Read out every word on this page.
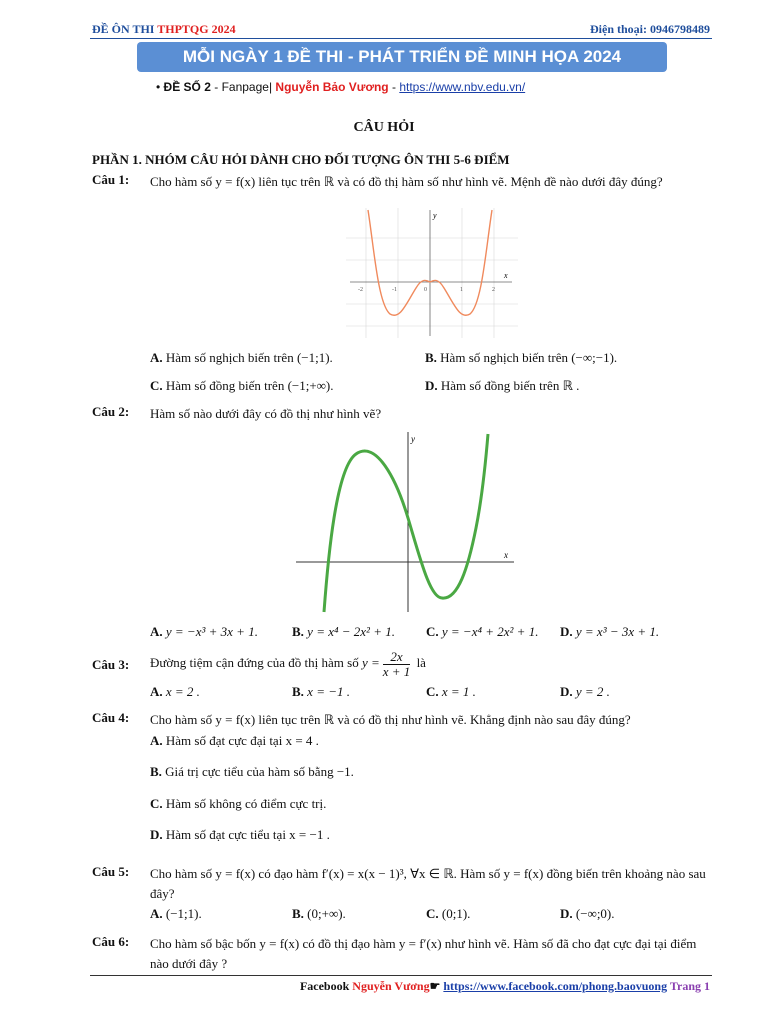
ĐỀ ÔN THI THPTQG 2024	Điện thoại: 0946798489
MỖI NGÀY 1 ĐỀ THI - PHÁT TRIỂN ĐỀ MINH HỌA 2024
• ĐỀ SỐ 2 - Fanpage| Nguyễn Bảo Vương - https://www.nbv.edu.vn/
CÂU HỎI
PHẦN 1. NHÓM CÂU HỎI DÀNH CHO ĐỐI TƯỢNG ÔN THI 5-6 ĐIỂM
Câu 1: Cho hàm số y = f(x) liên tục trên ℝ và có đồ thị hàm số như hình vẽ. Mệnh đề nào dưới đây đúng?
x
y
-2	-1	0	1	2
A. Hàm số nghịch biến trên (−1;1).	B. Hàm số nghịch biến trên (−∞;−1).
C. Hàm số đồng biến trên (−1;+∞).	D. Hàm số đồng biến trên ℝ .
Câu 2: Hàm số nào dưới đây có đồ thị như hình vẽ?
x
y
A. y = −x³ + 3x + 1.	B. y = x⁴ − 2x² + 1. C. y = −x⁴ + 2x² + 1. D. y = x³ − 3x + 1.
Câu 3: Đường tiệm cận đứng của đồ thị hàm số $y = \frac{2x}{x + 1}$ là
A. x = 2 .	B. x = −1 .	C. x = 1 .	D. y = 2 .
Câu 4: Cho hàm số y = f(x) liên tục trên ℝ và có đồ thị như hình vẽ. Khẳng định nào sau đây đúng?
A. Hàm số đạt cực đại tại x = 4 .
B. Giá trị cực tiểu của hàm số bằng −1.
C. Hàm số không có điểm cực trị.
D. Hàm số đạt cực tiểu tại x = −1 .
Câu 5: Cho hàm số y = f(x) có đạo hàm f′(x) = x(x − 1)³, ∀x ∈ ℝ. Hàm số y = f(x) đồng biến trên khoảng nào sau đây?
A. (−1;1).	B. (0;+∞).	C. (0;1).	D. (−∞;0).
Câu 6: Cho hàm số bậc bốn y = f(x) có đồ thị đạo hàm y = f′(x) như hình vẽ. Hàm số đã cho đạt cực đại tại điểm nào dưới đây ?
Facebook Nguyễn Vương☛ https://www.facebook.com/phong.baovuong Trang 1
